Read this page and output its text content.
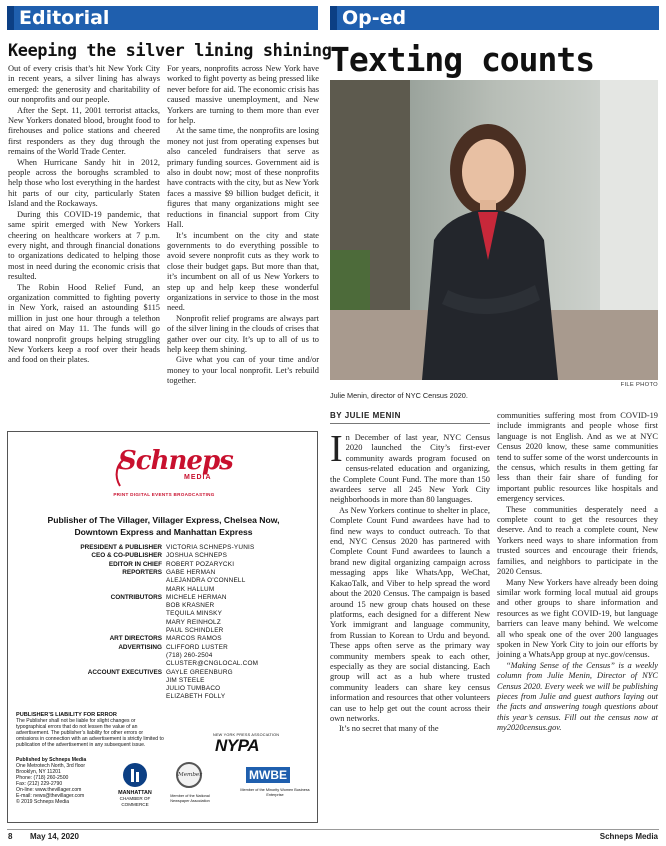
Editorial
Keeping the silver lining shining

Out of every crisis that’s hit New York City in recent years, a silver lining has always emerged: the generosity and charitability of our nonprofits and our people.

After the Sept. 11, 2001 terrorist attacks, New Yorkers donated blood, brought food to firehouses and police stations and cheered first responders as they dug through the remains of the World Trade Center.

When Hurricane Sandy hit in 2012, people across the boroughs scrambled to help those who lost everything in the hardest hit parts of our city, particularly Staten Island and the Rockaways.

During this COVID-19 pandemic, that same spirit emerged with New Yorkers cheering on healthcare workers at 7 p.m. every night, and through financial donations to organizations dedicated to helping those most in need during the economic crisis that resulted.

The Robin Hood Relief Fund, an organization committed to fighting poverty in New York, raised an astounding $115 million in just one hour through a telethon that aired on May 11. The funds will go toward nonprofit groups helping struggling New Yorkers keep a roof over their heads and food on their plates.

For years, nonprofits across New York have worked to fight poverty as being pressed like never before for aid. The economic crisis has caused massive unemployment, and New Yorkers are turning to them more than ever for help.

At the same time, the nonprofits are losing money not just from operating expenses but also canceled fundraisers that serve as primary funding sources. Government aid is also in doubt now; most of these nonprofits have contracts with the city, but as New York faces a massive $9 billion budget deficit, it figures that many organizations might see reductions in financial support from City Hall.

It’s incumbent on the city and state governments to do everything possible to avoid severe nonprofit cuts as they work to close their budget gaps. But more than that, it’s incumbent on all of us New Yorkers to step up and help keep these wonderful organizations in service to those in the most need.

Nonprofit relief programs are always part of the silver lining in the clouds of crises that gather over our city. It’s up to all of us to help keep them shining.

Give what you can of your time and/or money to your local nonprofit. Let’s rebuild together.

Schneps
MEDIA
PRINT DIGITAL EVENTS BROADCASTING
Publisher of The Villager, Villager Express, Chelsea Now,
Downtown Express and Manhattan Express
PRESIDENT & PUBLISHER
CEO & CO-PUBLISHER
EDITOR IN CHIEF
REPORTERS
CONTRIBUTORS
ART DIRECTORS
ADVERTISING
ACCOUNT EXECUTIVES
VICTORIA SCHNEPS-YUNIS
JOSHUA SCHNEPS
ROBERT POZARYCKI
GABE HERMAN
ALEJANDRA O’CONNELL
MARK HALLUM
MICHELE HERMAN
BOB KRASNER
TEQUILA MINSKY
MARY REINHOLZ
PAUL SCHINDLER
MARCOS RAMOS
CLIFFORD LUSTER
(718) 260-2504
CLUSTER@CNGLOCAL.COM
GAYLE GREENBURG
JIM STEELE
JULIO TUMBACO
ELIZABETH FOLLY
PUBLISHER’S LIABILITY FOR ERROR
The Publisher shall not be liable for slight changes or typographical errors that do not lessen the value of an advertisement. The publisher’s liability for other errors or omissions in connection with an advertisement is strictly limited to publication of the advertisement in any subsequent issue.
Published by Schneps Media
One Metrotech North, 3rd floor
Brooklyn, NY 11201
Phone: (718) 260-2500
Fax: (212) 229-2790
On-line: www.thevillager.com
E-mail: news@thevillager.com
© 2019 Schneps Media
NEW YORK PRESS ASSOCIATION
NYPA
MANHATTAN
CHAMBER OF COMMERCE
Member
Member of the National Newspaper Association
MWBE
Member of the Minority Women Business Enterprise
Op-ed
Texting counts
FILE PHOTO
Julie Menin, director of NYC Census 2020.
BY JULIE MENIN

In December of last year, NYC Census 2020 launched the City’s first-ever community awards program focused on census-related education and organizing, the Complete Count Fund. The more than 150 awardees serve all 245 New York City neighborhoods in more than 80 languages.

As New Yorkers continue to shelter in place, Complete Count Fund awardees have had to find new ways to conduct outreach. To that end, NYC Census 2020 has partnered with Complete Count Fund awardees to launch a brand new digital organizing campaign across messaging apps like WhatsApp, WeChat, KakaoTalk, and Viber to help spread the word about the 2020 Census. The campaign is based around 15 new group chats housed on these platforms, each designed for a different New York immigrant and language community, from Russian to Korean to Urdu and beyond. These apps often serve as the primary way community members speak to each other, especially as they are social distancing. Each group will act as a hub where trusted community leaders can share key census information and resources that other volunteers can use to help get out the count across their own networks.

It’s no secret that many of the

communities suffering most from COVID-19 include immigrants and people whose first language is not English. And as we at NYC Census 2020 know, these same communities tend to suffer some of the worst undercounts in the census, which results in them getting far less than their fair share of funding for important public resources like hospitals and emergency services.

These communities desperately need a complete count to get the resources they deserve. And to reach a complete count, New Yorkers need ways to share information from trusted sources and encourage their friends, families, and neighbors to participate in the 2020 Census.

Many New Yorkers have already been doing similar work forming local mutual aid groups and other groups to share information and resources as we fight COVID-19, but language barriers can leave many behind. We welcome all who speak one of the over 200 languages spoken in New York City to join our efforts by joining a WhatsApp group at nyc.gov/census.

“Making Sense of the Census” is a weekly column from Julie Menin, Director of NYC Census 2020. Every week we will be publishing pieces from Julie and guest authors laying out the facts and answering tough questions about this year’s census. Fill out the census now at my2020census.gov.

8 May 14, 2020	Schneps Media
